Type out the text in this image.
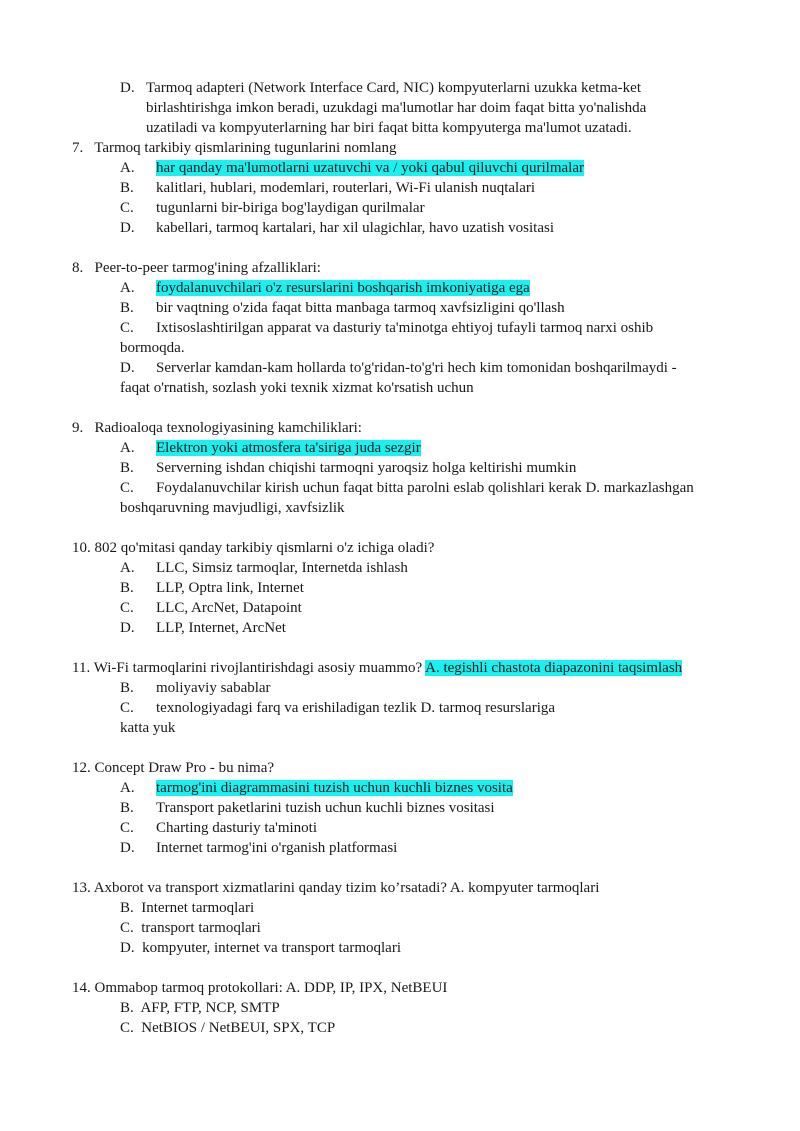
D. Tarmoq adapteri (Network Interface Card, NIC) kompyuterlarni uzukka ketma-ket
birlashtirishga imkon beradi, uzukdagi ma'lumotlar har doim faqat bitta yo'nalishda
uzatiladi va kompyuterlarning har biri faqat bitta kompyuterga ma'lumot uzatadi.
7. Tarmoq tarkibiy qismlarining tugunlarini nomlang
A. har qanday ma'lumotlarni uzatuvchi va / yoki qabul qiluvchi qurilmalar
B. kalitlari, hublari, modemlari, routerlari, Wi-Fi ulanish nuqtalari
C. tugunlarni bir-biriga bog'laydigan qurilmalar
D. kabellari, tarmoq kartalari, har xil ulagichlar, havo uzatish vositasi
8. Peer-to-peer tarmog'ining afzalliklari:
A. foydalanuvchilari o'z resurslarini boshqarish imkoniyatiga ega
B. bir vaqtning o'zida faqat bitta manbaga tarmoq xavfsizligini qo'llash
C. Ixtisoslashtirilgan apparat va dasturiy ta'minotga ehtiyoj tufayli tarmoq narxi oshib
bormoqda.
D. Serverlar kamdan-kam hollarda to'g'ridan-to'g'ri hech kim tomonidan boshqarilmaydi -
faqat o'rnatish, sozlash yoki texnik xizmat ko'rsatish uchun
9. Radioaloqa texnologiyasining kamchiliklari:
A. Elektron yoki atmosfera ta'siriga juda sezgir
B. Serverning ishdan chiqishi tarmoqni yaroqsiz holga keltirishi mumkin
C. Foydalanuvchilar kirish uchun faqat bitta parolni eslab qolishlari kerak D. markazlashgan
boshqaruvning mavjudligi, xavfsizlik
10. 802 qo'mitasi qanday tarkibiy qismlarni o'z ichiga oladi?
A. LLC, Simsiz tarmoqlar, Internetda ishlash
B. LLP, Optra link, Internet
C. LLC, ArcNet, Datapoint
D. LLP, Internet, ArcNet
11. Wi-Fi tarmoqlarini rivojlantirishdagi asosiy muammo? A. tegishli chastota diapazonini taqsimlash
B. moliyaviy sabablar
C. texnologiyadagi farq va erishiladigan tezlik D. tarmoq resurslariga
katta yuk
12. Concept Draw Pro - bu nima?
A. tarmog'ini diagrammasini tuzish uchun kuchli biznes vosita
B. Transport paketlarini tuzish uchun kuchli biznes vositasi
C. Charting dasturiy ta'minoti
D. Internet tarmog'ini o'rganish platformasi
13. Axborot va transport xizmatlarini qanday tizim ko’rsatadi? A. kompyuter tarmoqlari
B. Internet tarmoqlari
C. transport tarmoqlari
D. kompyuter, internet va transport tarmoqlari
14. Ommabop tarmoq protokollari: A. DDP, IP, IPX, NetBEUI
B. AFP, FTP, NCP, SMTP
C. NetBIOS / NetBEUI, SPX, TCP
